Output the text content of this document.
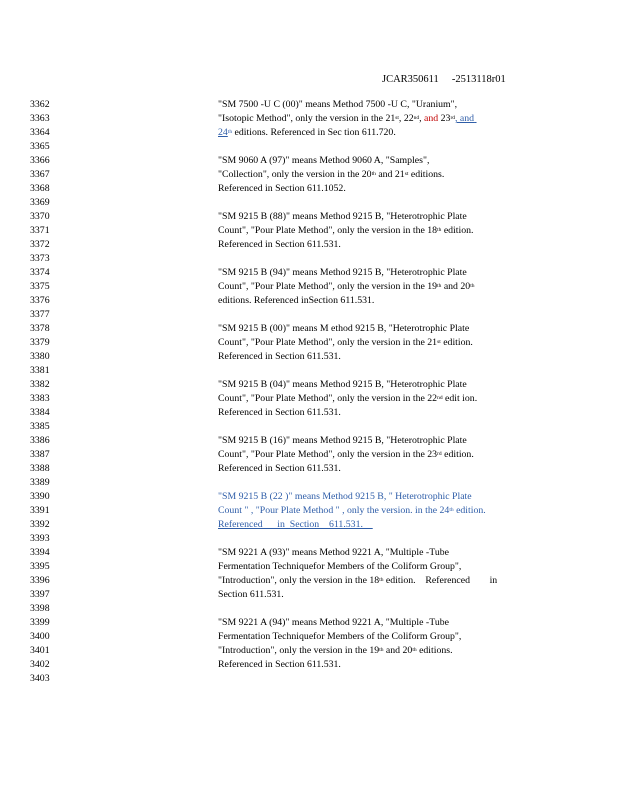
JCAR350611 -2513118r01
3362
3363
3364
3365
3366
3367
3368
3369
3370
3371
3372
3373
3374
3375
3376
3377
3378
3379
3380
3381
3382
3383
3384
3385
3386
3387
3388
3389
3390
3391
3392
3393
3394
3395
3396
3397
3398
3399
3400
3401
3402
3403
"SM 7500 -U C (00)" means Method 7500 -U C, "Uranium",
"Isotopic Method", only the version in the 21st, 22nd, and 23rd, and
24th editions. Referenced in Sec tion 611.720.
"SM 9060 A (97)" means Method 9060 A, "Samples",
"Collection", only the version in the 20th and 21st editions.
Referenced in Section 611.1052.
"SM 9215 B (88)" means Method 9215 B, "Heterotrophic Plate
Count", "Pour Plate Method", only the version in the 18th edition.
Referenced in Section 611.531.
"SM 9215 B (94)" means Method 9215 B, "Heterotrophic Plate
Count", "Pour Plate Method", only the version in the 19th and 20th
editions. Referenced inSection 611.531.
"SM 9215 B (00)" means M ethod 9215 B, "Heterotrophic Plate
Count", "Pour Plate Method", only the version in the 21st edition.
Referenced in Section 611.531.
"SM 9215 B (04)" means Method 9215 B, "Heterotrophic Plate
Count", "Pour Plate Method", only the version in the 22nd edit ion.
Referenced in Section 611.531.
"SM 9215 B (16)" means Method 9215 B, "Heterotrophic Plate
Count", "Pour Plate Method", only the version in the 23rd edition.
Referenced in Section 611.531.
"SM 9215 B (22 )" means Method 9215 B, " Heterotrophic Plate
Count " , "Pour Plate Method " , only the version. in the 24th edition.
Referenced      in  Section    611.531.
"SM 9221 A (93)" means Method 9221 A, "Multiple -Tube
Fermentation Techniquefor Members of the Coliform Group",
"Introduction", only the version in the 18th edition.    Referenced        in
Section 611.531.
"SM 9221 A (94)" means Method 9221 A, "Multiple -Tube
Fermentation Techniquefor Members of the Coliform Group",
"Introduction", only the version in the 19th and 20th editions.
Referenced in Section 611.531.
